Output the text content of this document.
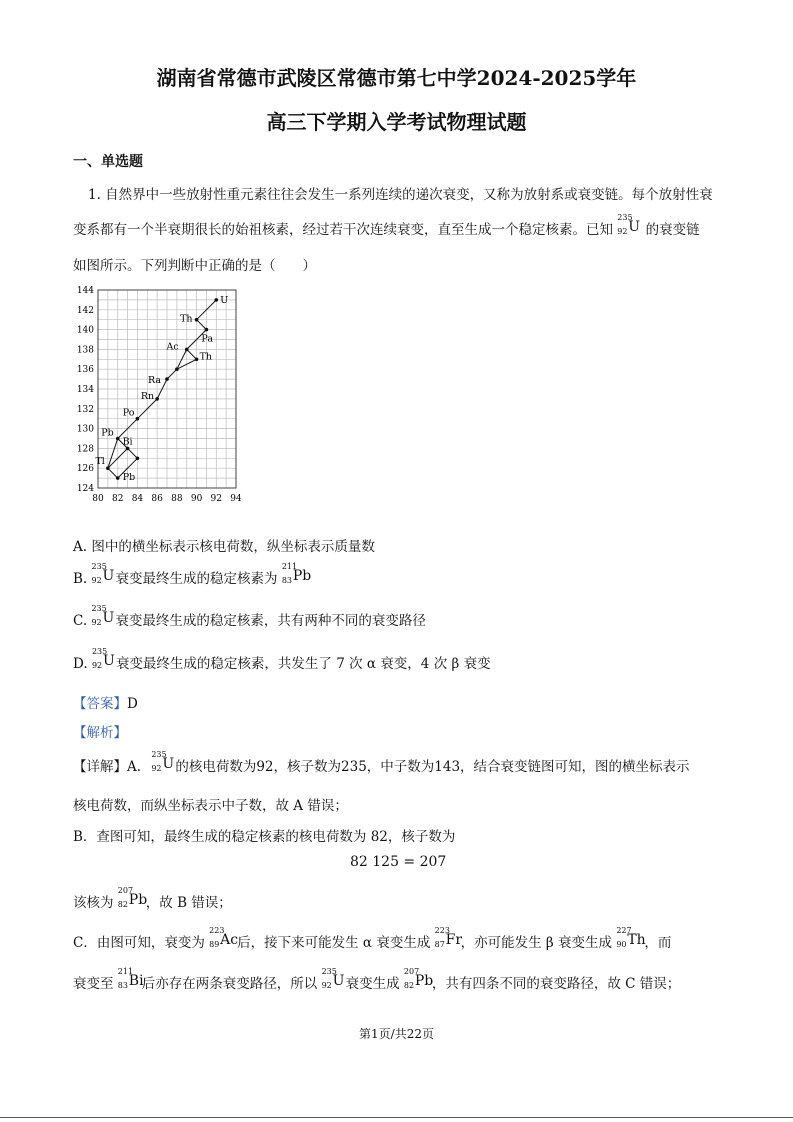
湖南省常德市武陵区常德市第七中学2024-2025学年
高三下学期入学考试物理试题
一、单选题
1. 自然界中一些放射性重元素往往会发生一系列连续的递次衰变，又称为放射系或衰变链。每个放射性衰
变系都有一个半衰期很长的始祖核素，经过若干次连续衰变，直至生成一个稳定核素。已知
235
92 U 的衰变链
如图所示。下列判断中正确的是（　　）
80 82 84 86 88 90 92 94
124
126
128
130
132
134
136
138
140
142
144
U
Th
Pa
Ac
Th
Ra
Rn
Po
Pb
Bi
Tl
Pb
A. 图中的横坐标表示核电荷数，纵坐标表示质量数
B.
235
92 U 衰变最终生成的稳定核素为
211
83 Pb
C.
235
92 U 衰变最终生成的稳定核素，共有两种不同的衰变路径
D.
235
92 U 衰变最终生成的稳定核素，共发生了 7 次 α 衰变，4 次 β 衰变
【答案】D
【解析】
【详解】A.
235
92 U 的核电荷数为92，核子数为235，中子数为143，结合衰变链图可知，图的横坐标表示
核电荷数，而纵坐标表示中子数，故 A 错误；
B．查图可知，最终生成的稳定核素的核电荷数为 82，核子数为
82 125 = 207
该核为
207
82 Pb
，故 B 错误；
C．由图可知，衰变为
223
89 Ac 后，接下来可能发生 α 衰变生成
223
87 Fr
，亦可能发生 β 衰变生成
227
90 Th
，而
衰变至
211
83 Bi
后亦存在两条衰变路径，所以
235
92 U 衰变生成
207
82 Pb
，共有四条不同的衰变路径，故 C 错误；
第1页/共22页
